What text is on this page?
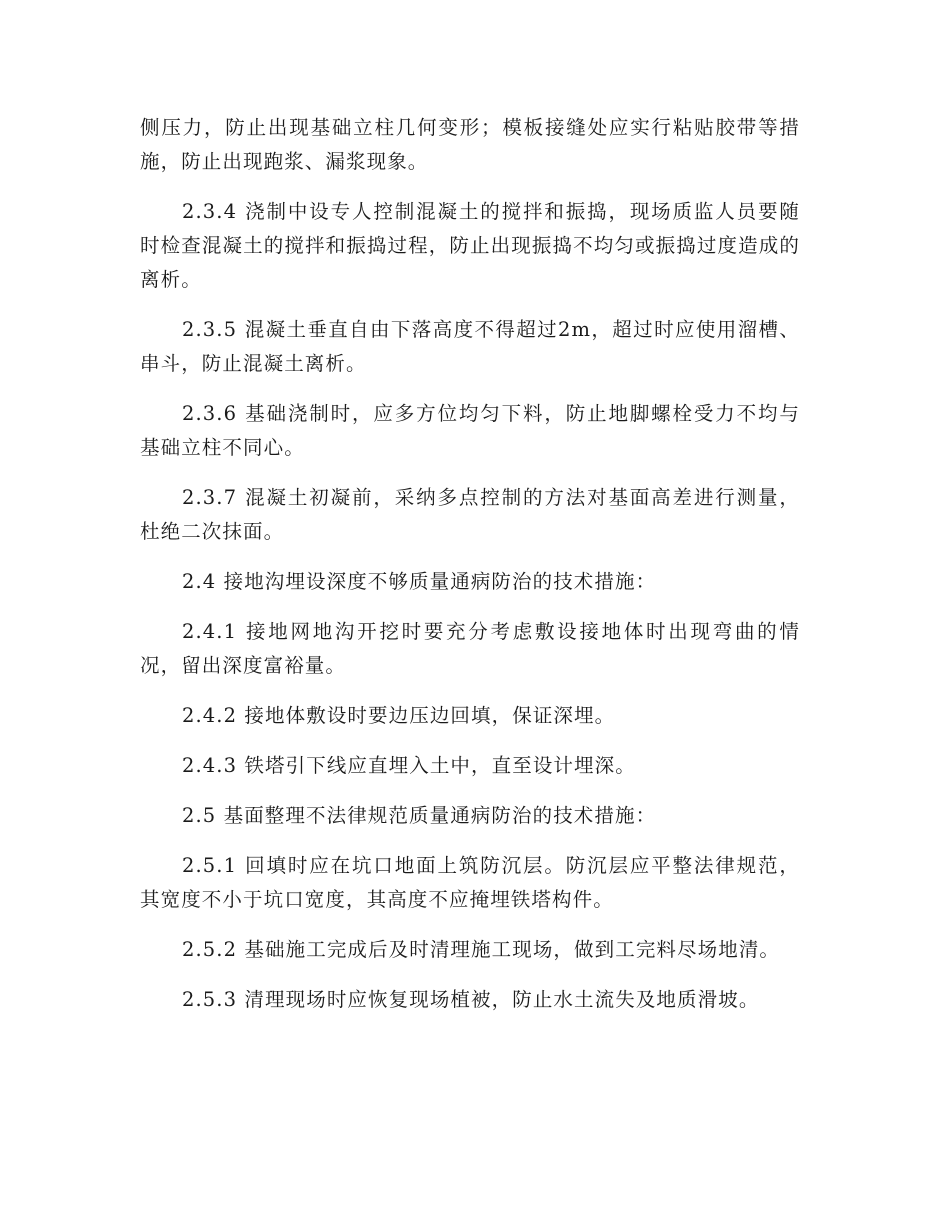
侧压力，防止出现基础立柱几何变形；模板接缝处应实行粘贴胶带等措施，防止出现跑浆、漏浆现象。

2.3.4 浇制中设专人控制混凝土的搅拌和振捣，现场质监人员要随时检查混凝土的搅拌和振捣过程，防止出现振捣不均匀或振捣过度造成的离析。

2.3.5 混凝土垂直自由下落高度不得超过2m，超过时应使用溜槽、串斗，防止混凝土离析。

2.3.6 基础浇制时，应多方位均匀下料，防止地脚螺栓受力不均与基础立柱不同心。

2.3.7 混凝土初凝前，采纳多点控制的方法对基面高差进行测量，杜绝二次抹面。

2.4 接地沟埋设深度不够质量通病防治的技术措施：

2.4.1 接地网地沟开挖时要充分考虑敷设接地体时出现弯曲的情况，留出深度富裕量。

2.4.2 接地体敷设时要边压边回填，保证深埋。

2.4.3 铁塔引下线应直埋入土中，直至设计埋深。

2.5 基面整理不法律规范质量通病防治的技术措施：

2.5.1 回填时应在坑口地面上筑防沉层。防沉层应平整法律规范，其宽度不小于坑口宽度，其高度不应掩埋铁塔构件。

2.5.2 基础施工完成后及时清理施工现场，做到工完料尽场地清。

2.5.3 清理现场时应恢复现场植被，防止水土流失及地质滑坡。
